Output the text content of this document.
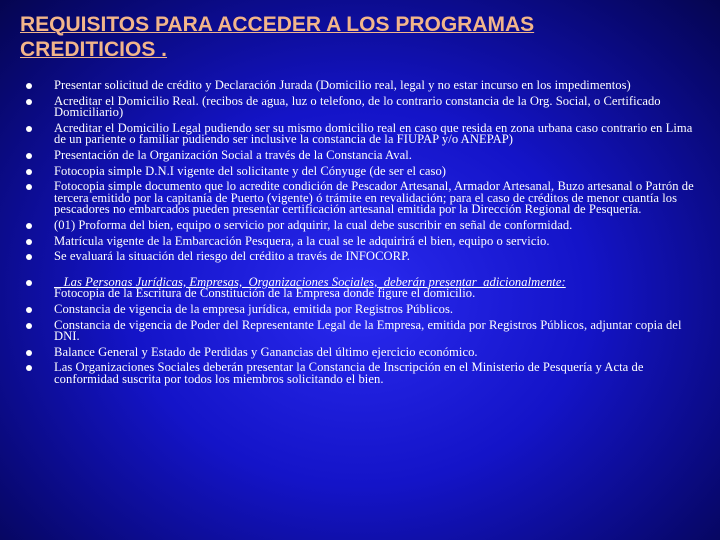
REQUISITOS PARA ACCEDER A LOS PROGRAMAS
CREDITICIOS .
Presentar solicitud de crédito y Declaración Jurada (Domicilio real, legal y no estar incurso en los impedimentos)
Acreditar el Domicilio Real. (recibos de agua, luz o telefono, de lo contrario constancia de la Org. Social, o Certificado Domiciliario)
Acreditar el Domicilio Legal pudiendo ser su mismo domicilio real en caso que resida en zona urbana caso contrario en Lima de un pariente o familiar pudiendo ser inclusive la constancia de la FIUPAP y/o ANEPAP)
Presentación de la Organización Social a través de la Constancia Aval.
Fotocopia simple D.N.I vigente del solicitante y del Cónyuge (de ser el caso)
Fotocopia simple documento que lo acredite condición de Pescador Artesanal, Armador Artesanal, Buzo artesanal o Patrón de tercera emitido por la capitanía de Puerto (vigente) ó trámite en revalidación; para el caso de créditos de menor cuantía los pescadores no embarcados pueden presentar certificación artesanal emitida por la Dirección Regional de Pesquería.
(01) Proforma del bien, equipo o servicio por adquirir, la cual debe suscribir en señal de conformidad.
Matrícula vigente de la Embarcación Pesquera, a la cual se le adquirirá el bien, equipo o servicio.
Se evaluará la situación del riesgo del crédito a través de INFOCORP.
Las Personas Jurídicas, Empresas,  Organizaciones Sociales,  deberán presentar  adicionalmente:
Fotocopia de la Escritura de Constitución de la Empresa donde figure el domicilio.
Constancia de vigencia de la empresa jurídica, emitida por Registros Públicos.
Constancia de vigencia de Poder del Representante Legal de la Empresa, emitida por Registros Públicos, adjuntar copia del DNI.
Balance General y Estado de Perdidas y Ganancias del último ejercicio económico.
Las Organizaciones Sociales deberán presentar la Constancia de Inscripción en el Ministerio de Pesquería y Acta de conformidad suscrita por todos los miembros solicitando el bien.
